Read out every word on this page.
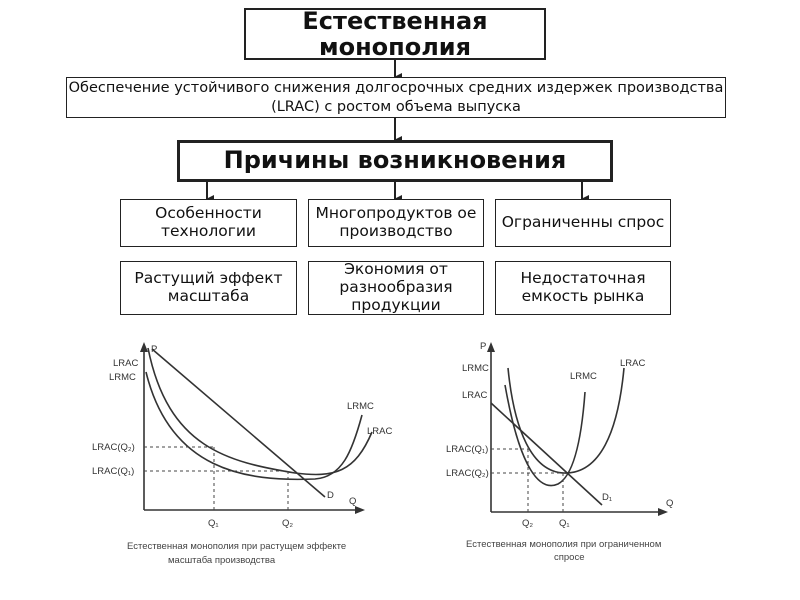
P
LRAC
LRMC
LRAC(Q₂)
LRAC(Q₁)
LRMC
LRAC
D
Q
Q₁	Q₂
Естественная монополия при растущем эффекте
масштаба производства
P
LRMC
LRAC
LRAC(Q₁)
LRAC(Q₂)
LRMC
LRAC
D₁
Q
Q₂	Q₁
Естественная монополия при ограниченном
спросе
Естественная монополия
Обеспечение устойчивого снижения долгосрочных средних издержек производства (LRAC) с ростом объема выпуска
Причины возникновения
Особенности технологии
Многопродуктов ое производство	Ограниченны спрос
Растущий эффект масштаба
Экономия от разнообразия продукции
Недостаточная емкость рынка
